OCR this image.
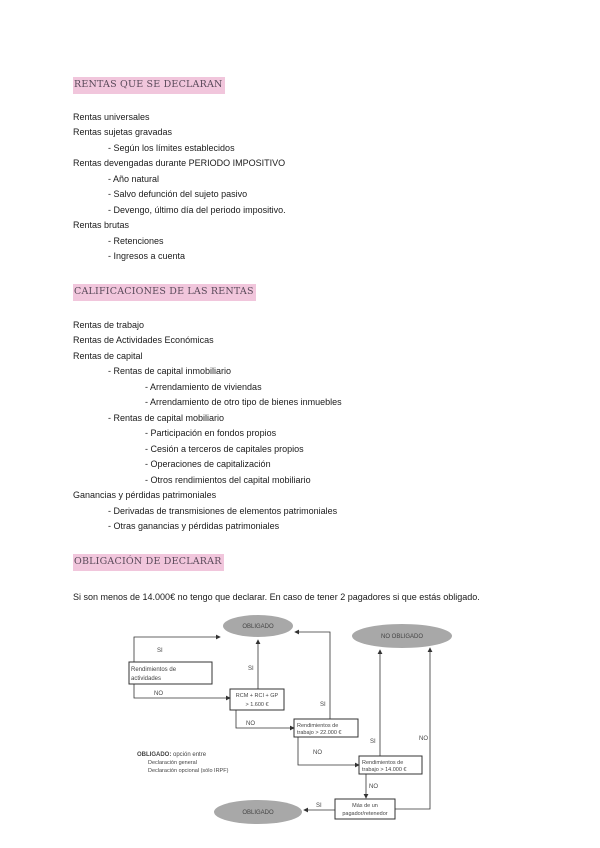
RENTAS QUE SE DECLARAN
Rentas universales
Rentas sujetas gravadas
- Según los límites establecidos
Rentas devengadas durante PERIODO IMPOSITIVO
- Año natural
- Salvo defunción del sujeto pasivo
- Devengo, último día del periodo impositivo.
Rentas brutas
- Retenciones
- Ingresos a cuenta
CALIFICACIONES DE LAS RENTAS
Rentas de trabajo
Rentas de Actividades Económicas
Rentas de capital
- Rentas de capital inmobiliario
- Arrendamiento de viviendas
- Arrendamiento de otro tipo de bienes inmuebles
- Rentas de capital mobiliario
- Participación en fondos propios
- Cesión a terceros de capitales propios
- Operaciones de capitalización
- Otros rendimientos del capital mobiliario
Ganancias y pérdidas patrimoniales
- Derivadas de transmisiones de elementos patrimoniales
- Otras ganancias y pérdidas patrimoniales
OBLIGACIÓN DE DECLARAR
Si son menos de 14.000€ no tengo que declarar. En caso de tener 2 pagadores si que estás obligado.
OBLIGADO
NO OBLIGADO
OBLIGADO
Rendimientos de
actividades
RCM + RCI + GP
> 1.600 €
Rendimientos de
trabajo > 22.000 €
Rendimientos de
trabajo > 14.000 €
Más de un
pagador/retenedor
SI
NO
SI
NO
SI
NO
SI
NO
SI
NO
OBLIGADO: opción entre
Declaración general
Declaración opcional (sólo IRPF)
